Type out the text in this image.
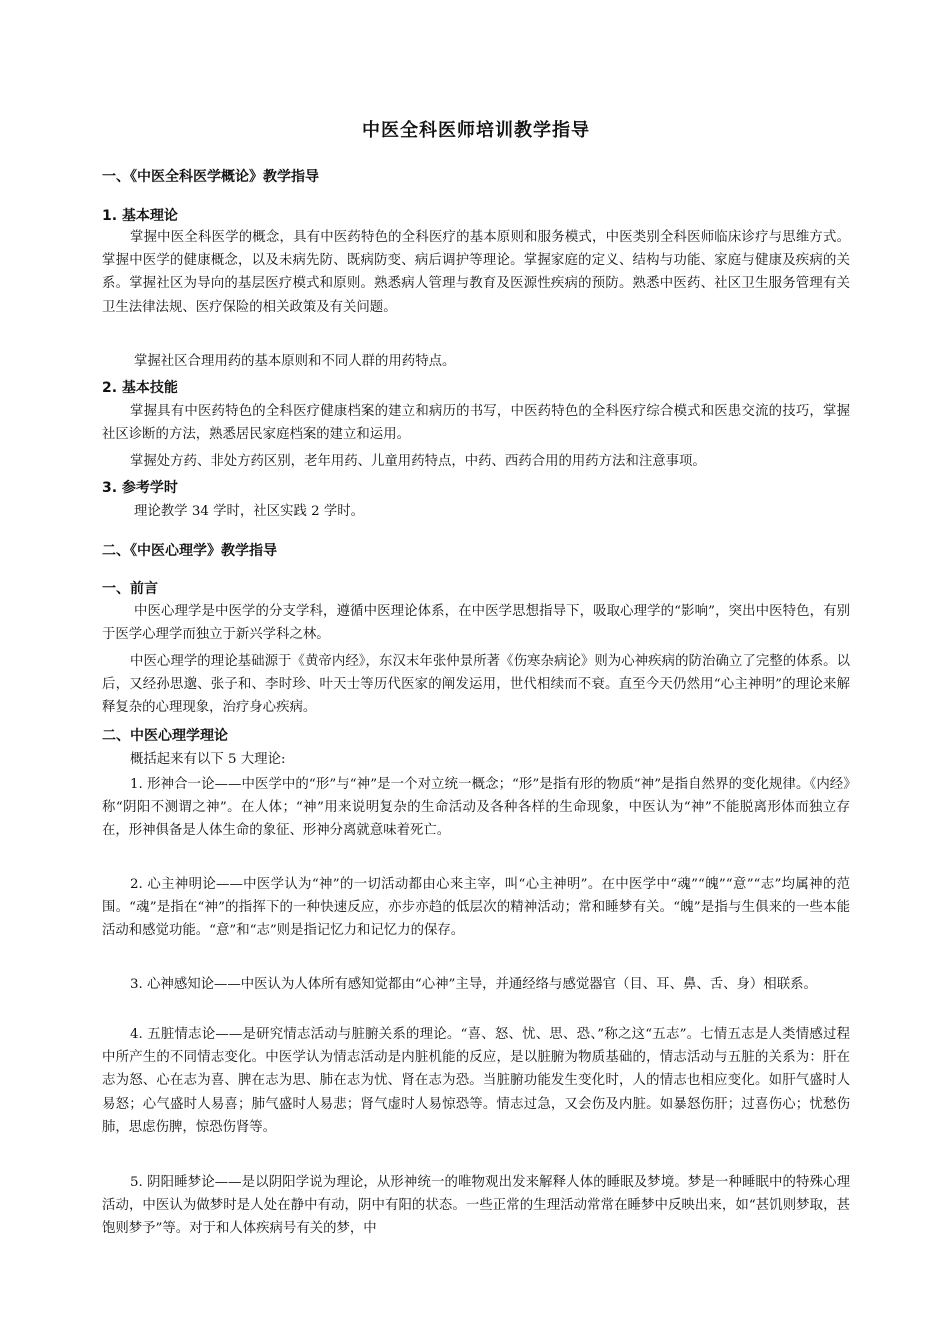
中医全科医师培训教学指导
一、《中医全科医学概论》教学指导
1. 基本理论

掌握中医全科医学的概念，具有中医药特色的全科医疗的基本原则和服务模式，中医类别全科医师临床诊疗与思维方式。掌握中医学的健康概念，以及未病先防、既病防变、病后调护等理论。掌握家庭的定义、结构与功能、家庭与健康及疾病的关系。掌握社区为导向的基层医疗模式和原则。熟悉病人管理与教育及医源性疾病的预防。熟悉中医药、社区卫生服务管理有关卫生法律法规、医疗保险的相关政策及有关问题。

掌握社区合理用药的基本原则和不同人群的用药特点。

2. 基本技能

掌握具有中医药特色的全科医疗健康档案的建立和病历的书写，中医药特色的全科医疗综合模式和医患交流的技巧，掌握社区诊断的方法，熟悉居民家庭档案的建立和运用。

掌握处方药、非处方药区别，老年用药、儿童用药特点，中药、西药合用的用药方法和注意事项。

3. 参考学时

理论教学 34 学时，社区实践 2 学时。

二、《中医心理学》教学指导
一、前言

中医心理学是中医学的分支学科，遵循中医理论体系，在中医学思想指导下，吸取心理学的“影响”，突出中医特色，有别于医学心理学而独立于新兴学科之林。

中医心理学的理论基础源于《黄帝内经》，东汉末年张仲景所著《伤寒杂病论》则为心神疾病的防治确立了完整的体系。以后，又经孙思邈、张子和、李时珍、叶天士等历代医家的阐发运用，世代相续而不衰。直至今天仍然用“心主神明”的理论来解释复杂的心理现象，治疗身心疾病。

二、中医心理学理论

概括起来有以下 5 大理论:

1. 形神合一论——中医学中的“形”与“神”是一个对立统一概念；“形”是指有形的物质“神”是指自然界的变化规律。《内经》称“阴阳不测谓之神”。在人体；“神”用来说明复杂的生命活动及各种各样的生命现象，中医认为“神”不能脱离形体而独立存在，形神俱备是人体生命的象征、形神分离就意味着死亡。

2. 心主神明论——中医学认为“神”的一切活动都由心来主宰，叫“心主神明”。在中医学中“魂”“魄”“意”“志”均属神的范围。“魂”是指在“神”的指挥下的一种快速反应，亦步亦趋的低层次的精神活动；常和睡梦有关。“魄”是指与生俱来的一些本能活动和感觉功能。“意”和“志”则是指记忆力和记忆力的保存。

3. 心神感知论——中医认为人体所有感知觉都由“心神”主导，并通经络与感觉器官（目、耳、鼻、舌、身）相联系。

4. 五脏情志论——是研究情志活动与脏腑关系的理论。“喜、怒、忧、思、恐、”称之这“五志”。七情五志是人类情感过程中所产生的不同情志变化。中医学认为情志活动是内脏机能的反应，是以脏腑为物质基础的，情志活动与五脏的关系为：肝在志为怒、心在志为喜、脾在志为思、肺在志为忧、肾在志为恐。当脏腑功能发生变化时，人的情志也相应变化。如肝气盛时人易怒；心气盛时人易喜；肺气盛时人易悲；肾气虚时人易惊恐等。情志过急，又会伤及内脏。如暴怒伤肝；过喜伤心；忧愁伤肺，思虑伤脾，惊恐伤肾等。

5. 阴阳睡梦论——是以阴阳学说为理论，从形神统一的唯物观出发来解释人体的睡眠及梦境。梦是一种睡眠中的特殊心理活动，中医认为做梦时是人处在静中有动，阴中有阳的状态。一些正常的生理活动常常在睡梦中反映出来，如“甚饥则梦取，甚饱则梦予”等。对于和人体疾病号有关的梦，中
